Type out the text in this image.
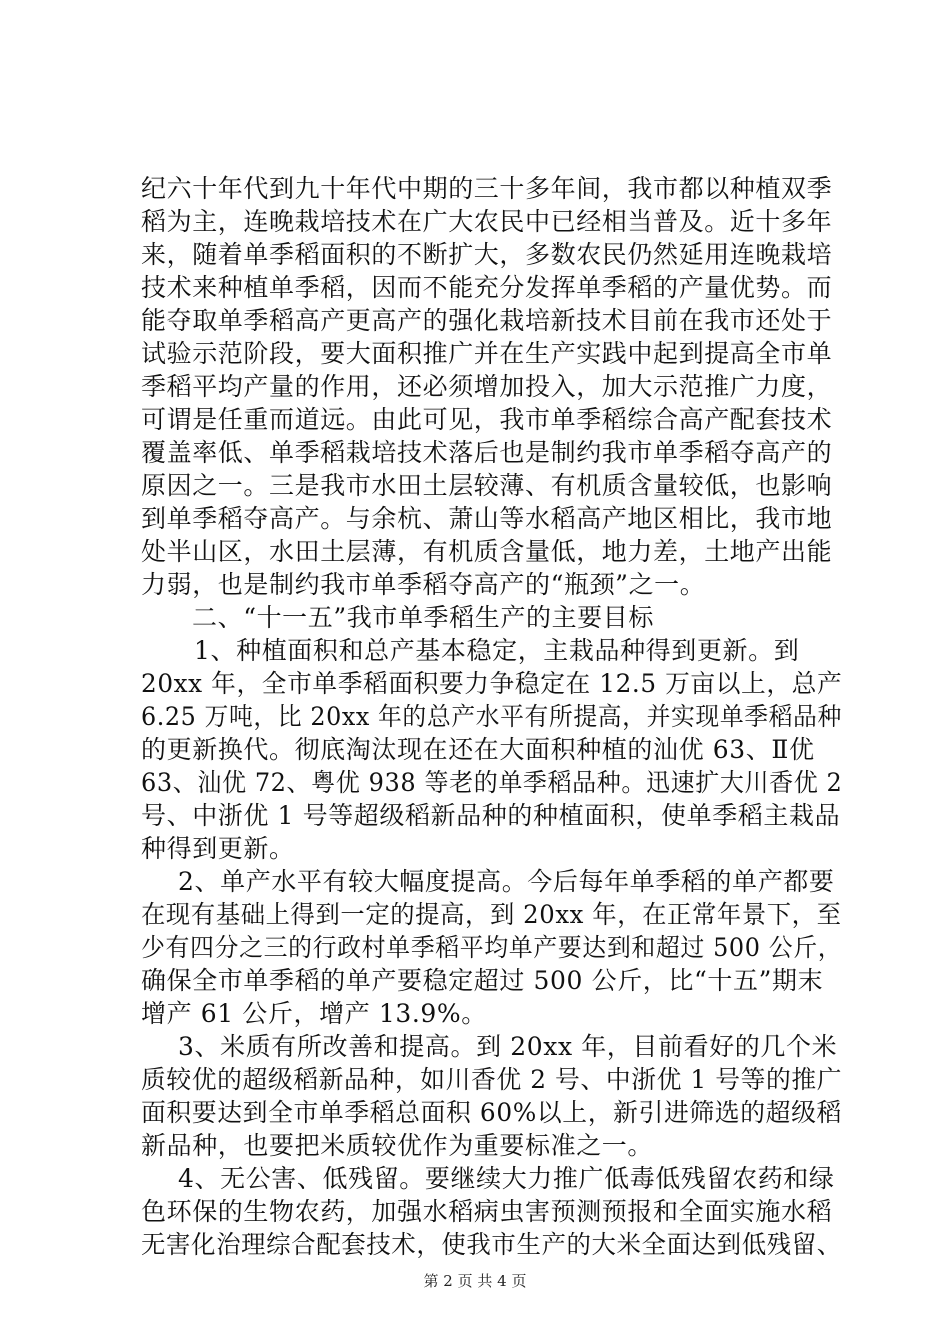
纪六十年代到九十年代中期的三十多年间，我市都以种植双季
稻为主，连晚栽培技术在广大农民中已经相当普及。近十多年
来，随着单季稻面积的不断扩大，多数农民仍然延用连晚栽培
技术来种植单季稻，因而不能充分发挥单季稻的产量优势。而
能夺取单季稻高产更高产的强化栽培新技术目前在我市还处于
试验示范阶段，要大面积推广并在生产实践中起到提高全市单
季稻平均产量的作用，还必须增加投入，加大示范推广力度，
可谓是任重而道远。由此可见，我市单季稻综合高产配套技术
覆盖率低、单季稻栽培技术落后也是制约我市单季稻夺高产的
原因之一。三是我市水田土层较薄、有机质含量较低，也影响
到单季稻夺高产。与余杭、萧山等水稻高产地区相比，我市地
处半山区，水田土层薄，有机质含量低，地力差，土地产出能
力弱，也是制约我市单季稻夺高产的“瓶颈”之一。
二、“十一五”我市单季稻生产的主要目标
1、种植面积和总产基本稳定，主栽品种得到更新。到
20xx 年，全市单季稻面积要力争稳定在 12.5 万亩以上，总产
6.25 万吨，比 20xx 年的总产水平有所提高，并实现单季稻品种
的更新换代。彻底淘汰现在还在大面积种植的汕优 63、Ⅱ优
63、汕优 72、粤优 938 等老的单季稻品种。迅速扩大川香优 2
号、中浙优 1 号等超级稻新品种的种植面积，使单季稻主栽品
种得到更新。
2、单产水平有较大幅度提高。今后每年单季稻的单产都要
在现有基础上得到一定的提高，到 20xx 年，在正常年景下，至
少有四分之三的行政村单季稻平均单产要达到和超过 500 公斤，
确保全市单季稻的单产要稳定超过 500 公斤，比“十五”期末
增产 61 公斤，增产 13.9%。
3、米质有所改善和提高。到 20xx 年，目前看好的几个米
质较优的超级稻新品种，如川香优 2 号、中浙优 1 号等的推广
面积要达到全市单季稻总面积 60%以上，新引进筛选的超级稻
新品种，也要把米质较优作为重要标准之一。
4、无公害、低残留。要继续大力推广低毒低残留农药和绿
色环保的生物农药，加强水稻病虫害预测预报和全面实施水稻
无害化治理综合配套技术，使我市生产的大米全面达到低残留、
第 2 页 共 4 页
